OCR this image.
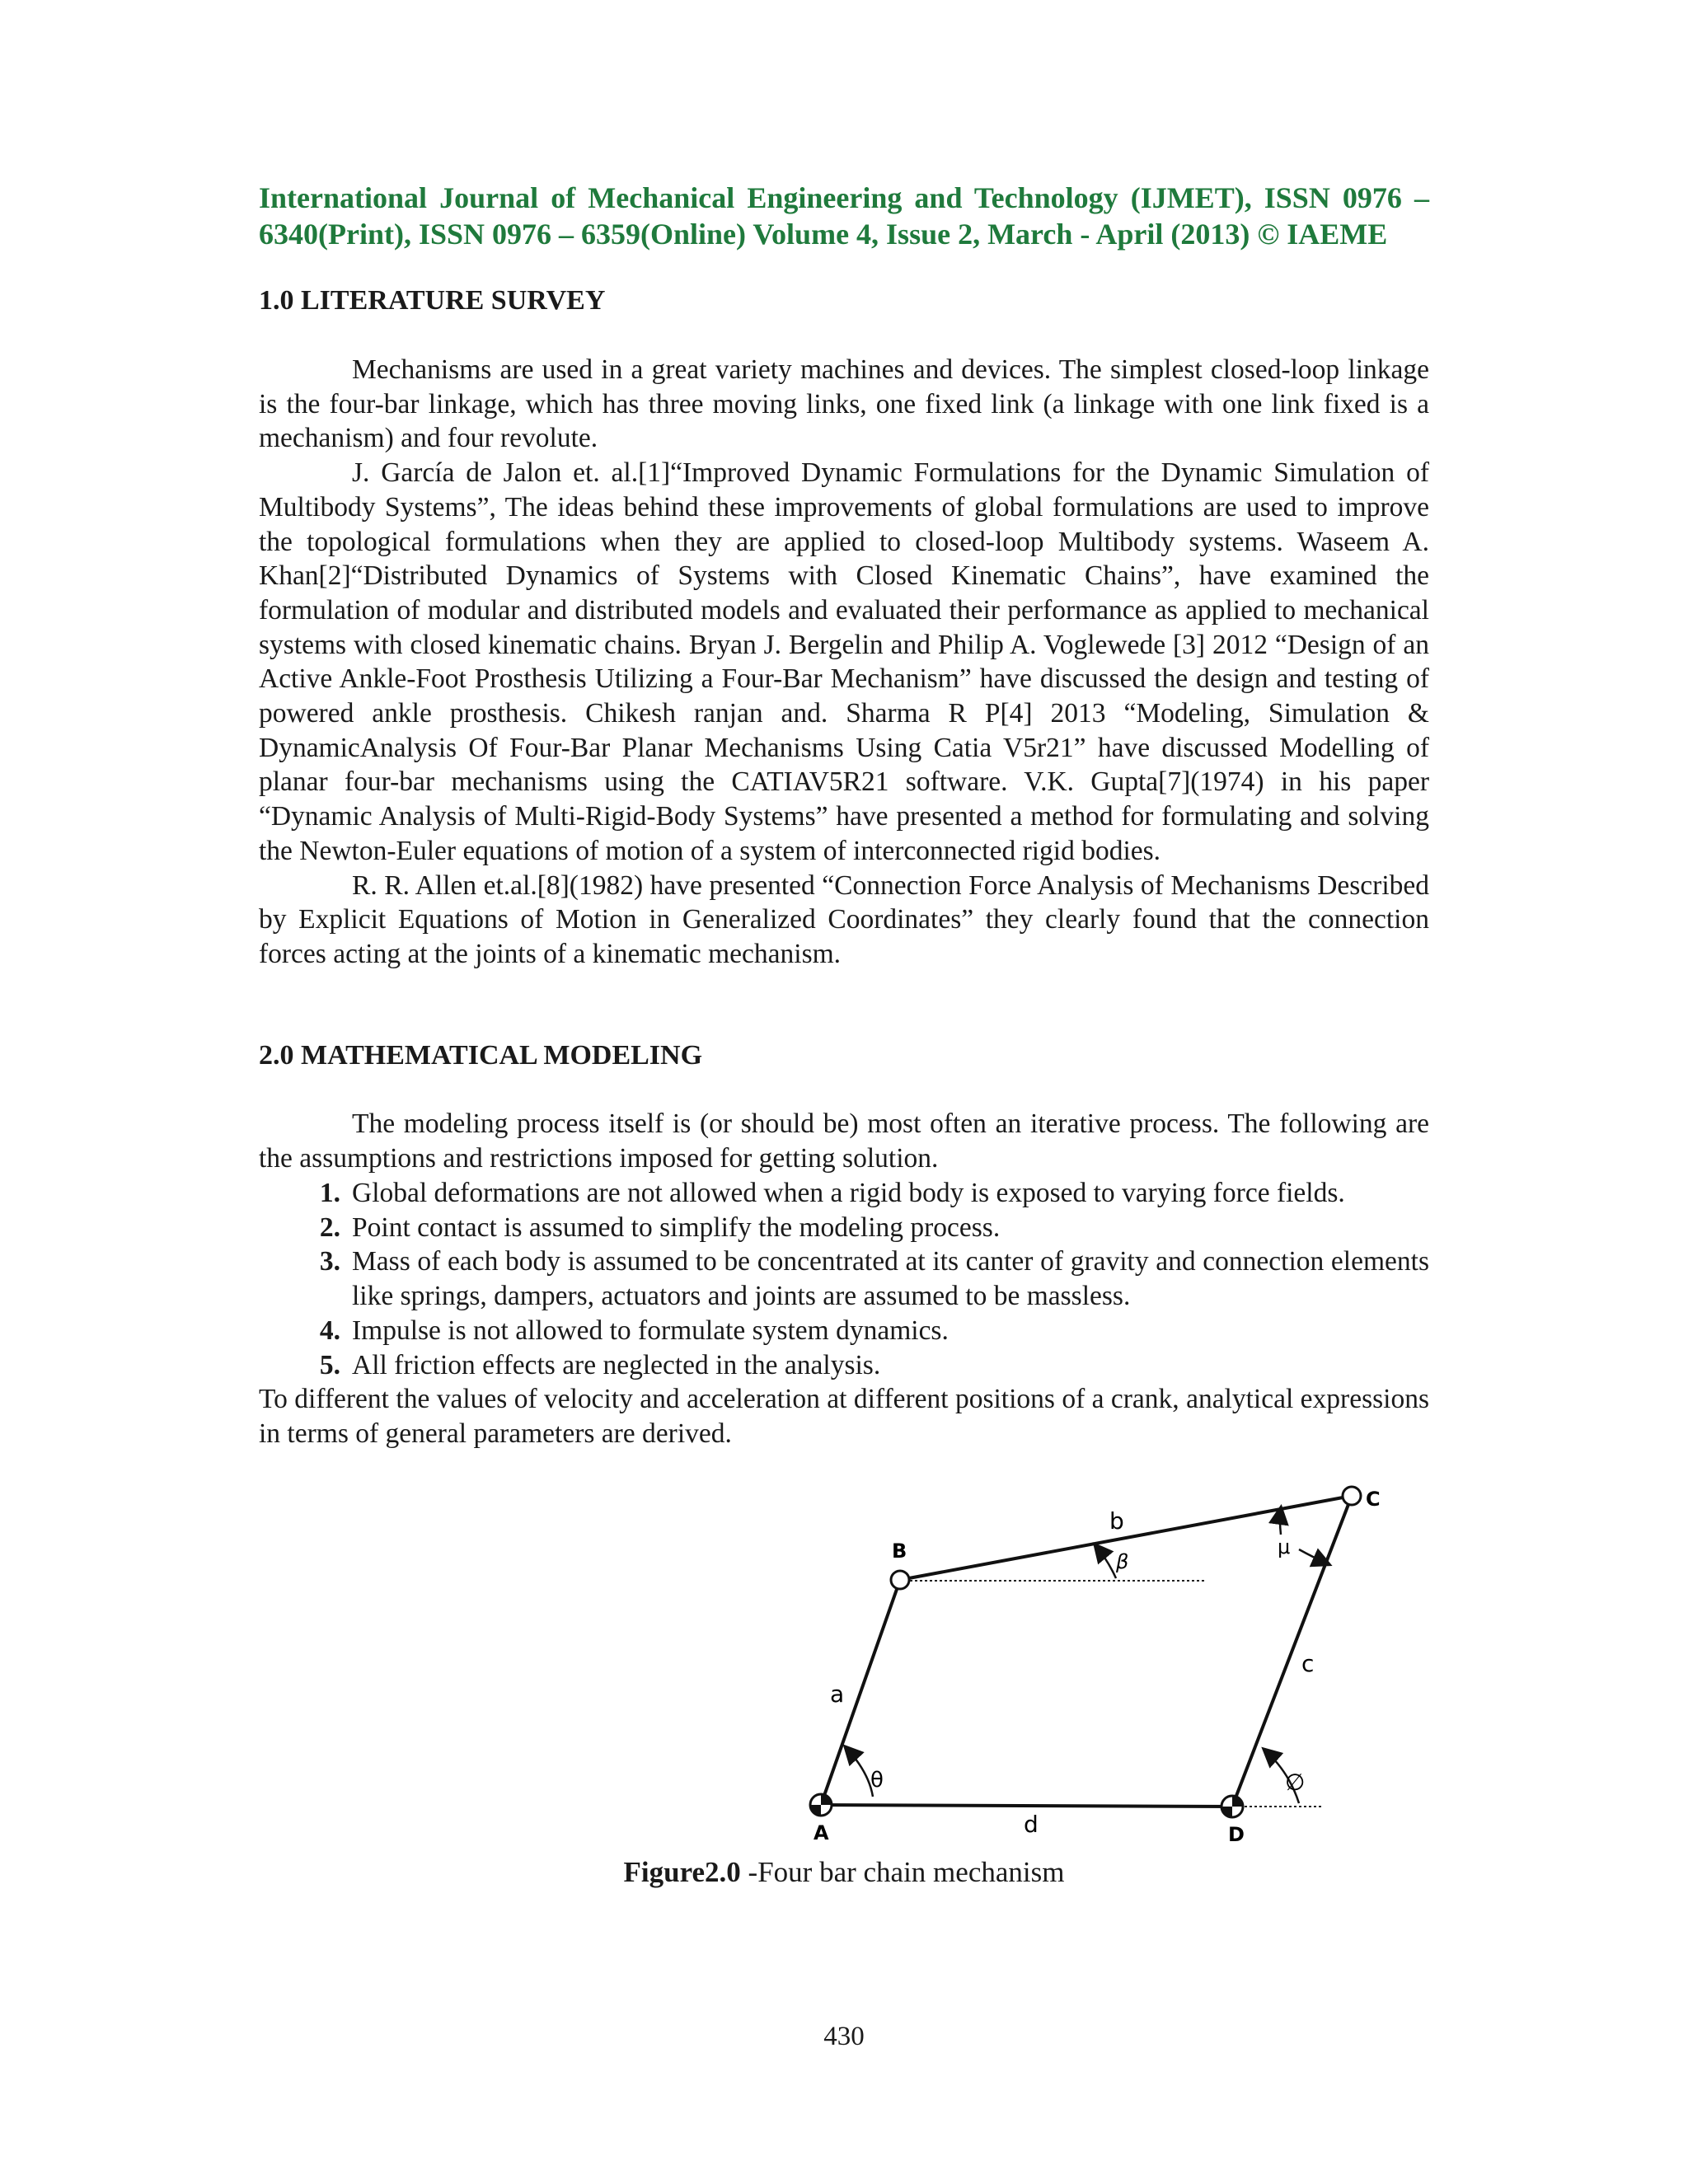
International Journal of Mechanical Engineering and Technology (IJMET), ISSN 0976 –
6340(Print), ISSN 0976 – 6359(Online) Volume 4, Issue 2, March - April (2013) © IAEME
1.0 LITERATURE SURVEY

Mechanisms are used in a great variety machines and devices. The simplest closed-loop linkage is the four-bar linkage, which has three moving links, one fixed link (a linkage with one link fixed is a mechanism) and four revolute.

J. García de Jalon et. al.[1]“Improved Dynamic Formulations for the Dynamic Simulation of Multibody Systems”, The ideas behind these improvements of global formulations are used to improve the topological formulations when they are applied to closed-loop Multibody systems. Waseem A. Khan[2]“Distributed Dynamics of Systems with Closed Kinematic Chains”, have examined the formulation of modular and distributed models and evaluated their performance as applied to mechanical systems with closed kinematic chains. Bryan J. Bergelin and Philip A. Voglewede [3] 2012 “Design of an Active Ankle-Foot Prosthesis Utilizing a Four-Bar Mechanism” have discussed the design and testing of powered ankle prosthesis. Chikesh ranjan and. Sharma R P[4] 2013 “Modeling, Simulation & DynamicAnalysis Of Four-Bar Planar Mechanisms Using Catia V5r21” have discussed Modelling of planar four-bar mechanisms using the CATIAV5R21 software. V.K. Gupta[7](1974) in his paper “Dynamic Analysis of Multi-Rigid-Body Systems” have presented a method for formulating and solving the Newton-Euler equations of motion of a system of interconnected rigid bodies.

R. R. Allen et.al.[8](1982) have presented “Connection Force Analysis of Mechanisms Described by Explicit Equations of Motion in Generalized Coordinates” they clearly found that the connection forces acting at the joints of a kinematic mechanism.

2.0 MATHEMATICAL MODELING

The modeling process itself is (or should be) most often an iterative process. The following are the assumptions and restrictions imposed for getting solution.

1. Global deformations are not allowed when a rigid body is exposed to varying force fields.
2. Point contact is assumed to simplify the modeling process.
3. Mass of each body is assumed to be concentrated at its canter of gravity and connection elements like springs, dampers, actuators and joints are assumed to be massless.
4. Impulse is not allowed to formulate system dynamics.
5. All friction effects are neglected in the analysis.

To different the values of velocity and acceleration at different positions of a crank, analytical expressions in terms of general parameters are derived.

A
B
C
D
a
b
c
d
θ
β
μ
∅
Figure2.0 -Four bar chain mechanism
430
